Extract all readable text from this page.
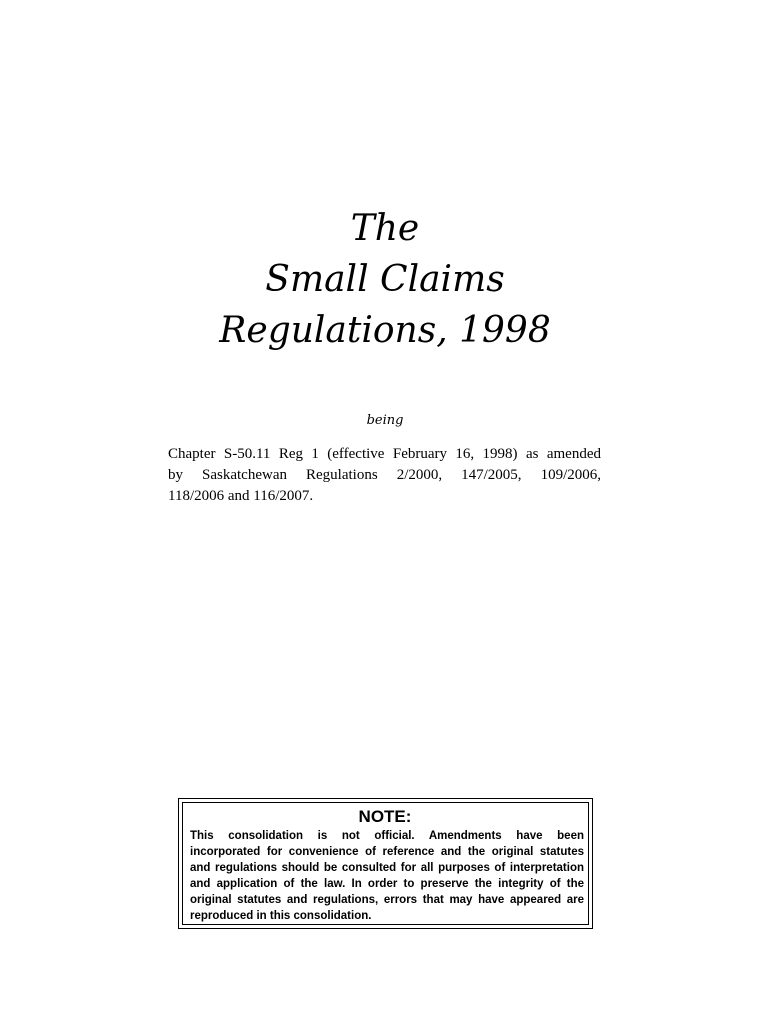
The
Small Claims
Regulations, 1998
being
Chapter S-50.11 Reg 1 (effective February 16, 1998) as amended
by Saskatchewan Regulations 2/2000, 147/2005, 109/2006,
118/2006 and 116/2007.
NOTE:
This consolidation is not official. Amendments have been
incorporated for convenience of reference and the original statutes
and regulations should be consulted for all purposes of interpretation
and application of the law. In order to preserve the integrity of the
original statutes and regulations, errors that may have appeared are
reproduced in this consolidation.
